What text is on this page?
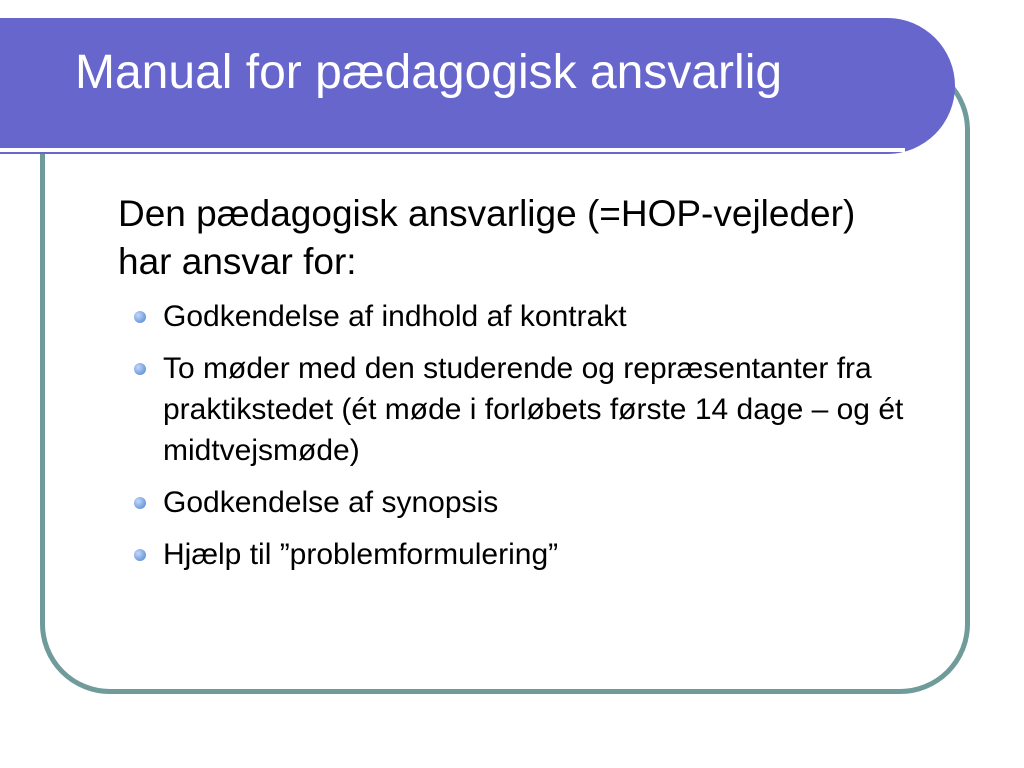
Manual for pædagogisk ansvarlig

Den pædagogisk ansvarlige (=HOP-vejleder) har ansvar for:

Godkendelse af indhold af kontrakt
To møder med den studerende og repræsentanter fra praktikstedet (ét møde i forløbets første 14 dage – og ét midtvejsmøde)
Godkendelse af synopsis
Hjælp til ”problemformulering”
